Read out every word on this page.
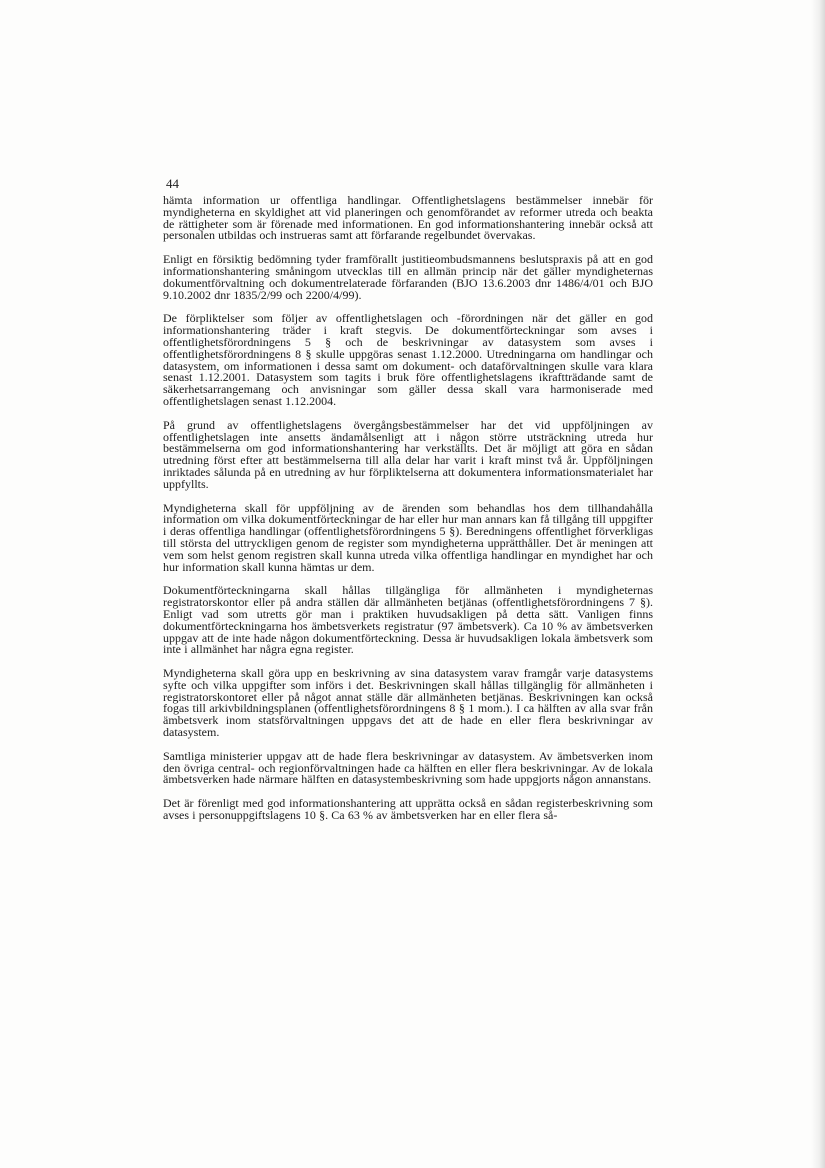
44

hämta information ur offentliga handlingar. Offentlighetslagens bestämmelser innebär för myndigheterna en skyldighet att vid planeringen och genomförandet av reformer utreda och beakta de rättigheter som är förenade med informationen. En god informationshantering innebär också att personalen utbildas och instrueras samt att förfarande regelbundet övervakas.

Enligt en försiktig bedömning tyder framförallt justitieombudsmannens beslutspraxis på att en god informationshantering småningom utvecklas till en allmän princip när det gäller myndigheternas dokumentförvaltning och dokumentrelaterade förfaranden (BJO 13.6.2003 dnr 1486/4/01 och BJO 9.10.2002 dnr 1835/2/99 och 2200/4/99).

De förpliktelser som följer av offentlighetslagen och -förordningen när det gäller en god informationshantering träder i kraft stegvis. De dokumentförteckningar som avses i offentlighetsförordningens 5 § och de beskrivningar av datasystem som avses i offentlighetsförordningens 8 § skulle uppgöras senast 1.12.2000. Utredningarna om handlingar och datasystem, om informationen i dessa samt om dokument- och dataförvaltningen skulle vara klara senast 1.12.2001. Datasystem som tagits i bruk före offentlighetslagens ikraftträdande samt de säkerhetsarrangemang och anvisningar som gäller dessa skall vara harmoniserade med offentlighetslagen senast 1.12.2004.

På grund av offentlighetslagens övergångsbestämmelser har det vid uppföljningen av offentlighetslagen inte ansetts ändamålsenligt att i någon större utsträckning utreda hur bestämmelserna om god informationshantering har verkställts. Det är möjligt att göra en sådan utredning först efter att bestämmelserna till alla delar har varit i kraft minst två år. Uppföljningen inriktades sålunda på en utredning av hur förpliktelserna att dokumentera informationsmaterialet har uppfyllts.

Myndigheterna skall för uppföljning av de ärenden som behandlas hos dem tillhandahålla information om vilka dokumentförteckningar de har eller hur man annars kan få tillgång till uppgifter i deras offentliga handlingar (offentlighetsförordningens 5 §). Beredningens offentlighet förverkligas till största del uttryckligen genom de register som myndigheterna upprätthåller. Det är meningen att vem som helst genom registren skall kunna utreda vilka offentliga handlingar en myndighet har och hur information skall kunna hämtas ur dem.

Dokumentförteckningarna skall hållas tillgängliga för allmänheten i myndigheternas registratorskontor eller på andra ställen där allmänheten betjänas (offentlighetsförordningens 7 §). Enligt vad som utretts gör man i praktiken huvudsakligen på detta sätt. Vanligen finns dokumentförteckningarna hos ämbetsverkets registratur (97 ämbetsverk). Ca 10 % av ämbetsverken uppgav att de inte hade någon dokumentförteckning. Dessa är huvudsakligen lokala ämbetsverk som inte i allmänhet har några egna register.

Myndigheterna skall göra upp en beskrivning av sina datasystem varav framgår varje datasystems syfte och vilka uppgifter som införs i det. Beskrivningen skall hållas tillgänglig för allmänheten i registratorskontoret eller på något annat ställe där allmänheten betjänas. Beskrivningen kan också fogas till arkivbildningsplanen (offentlighetsförordningens 8 § 1 mom.). I ca hälften av alla svar från ämbetsverk inom statsförvaltningen uppgavs det att de hade en eller flera beskrivningar av datasystem.

Samtliga ministerier uppgav att de hade flera beskrivningar av datasystem. Av ämbetsverken inom den övriga central- och regionförvaltningen hade ca hälften en eller flera beskrivningar. Av de lokala ämbetsverken hade närmare hälften en datasystembeskrivning som hade uppgjorts någon annanstans.

Det är förenligt med god informationshantering att upprätta också en sådan registerbeskrivning som avses i personuppgiftslagens 10 §. Ca 63 % av ämbetsverken har en eller flera så-
